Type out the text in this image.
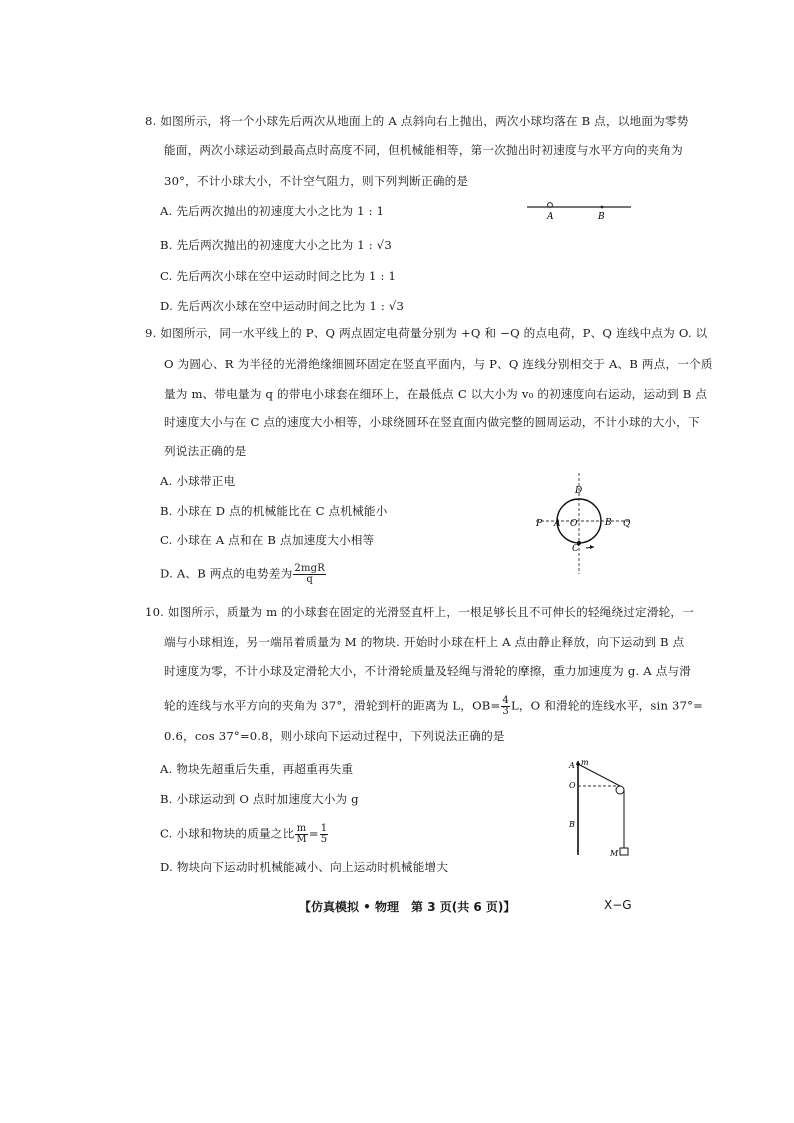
8. 如图所示，将一个小球先后两次从地面上的 A 点斜向右上抛出，两次小球均落在 B 点，以地面为零势
能面，两次小球运动到最高点时高度不同，但机械能相等，第一次抛出时初速度与水平方向的夹角为
30°，不计小球大小，不计空气阻力，则下列判断正确的是
A. 先后两次抛出的初速度大小之比为 1 : 1
B. 先后两次抛出的初速度大小之比为 1 : √3
C. 先后两次小球在空中运动时间之比为 1 : 1
D. 先后两次小球在空中运动时间之比为 1 : √3
A	B
9. 如图所示，同一水平线上的 P、Q 两点固定电荷量分别为 +Q 和 −Q 的点电荷，P、Q 连线中点为 O. 以
O 为圆心、R 为半径的光滑绝缘细圆环固定在竖直平面内，与 P、Q 连线分别相交于 A、B 两点，一个质
量为 m、带电量为 q 的带电小球套在细环上，在最低点 C 以大小为 v₀ 的初速度向右运动，运动到 B 点
时速度大小与在 C 点的速度大小相等，小球绕圆环在竖直面内做完整的圆周运动，不计小球的大小，下
列说法正确的是
A. 小球带正电
B. 小球在 D 点的机械能比在 C 点机械能小
C. 小球在 A 点和在 B 点加速度大小相等
D. A、B 两点的电势差为 $\frac{\text{2mgR}}{q}$
P A O	B Q
D
C
10. 如图所示，质量为 m 的小球套在固定的光滑竖直杆上，一根足够长且不可伸长的轻绳绕过定滑轮，一
端与小球相连，另一端吊着质量为 M 的物块. 开始时小球在杆上 A 点由静止释放，向下运动到 B 点
时速度为零，不计小球及定滑轮大小，不计滑轮质量及轻绳与滑轮的摩擦，重力加速度为 g. A 点与滑
轮的连线与水平方向的夹角为 37°，滑轮到杆的距离为 L，$OB= \frac{4}{3}$ L，O 和滑轮的连线水平，sin 37°=
0.6，cos 37°=0.8，则小球向下运动过程中，下列说法正确的是
A. 物块先超重后失重，再超重再失重
B. 小球运动到 O 点时加速度大小为 g
C. 小球和物块的质量之比 $\frac{m}{M} = \frac{1}{5}$
D. 物块向下运动时机械能减小、向上运动时机械能增大
A m
O
B
M
【仿真模拟 • 物理　第 3 页(共 6 页)】	X−G
